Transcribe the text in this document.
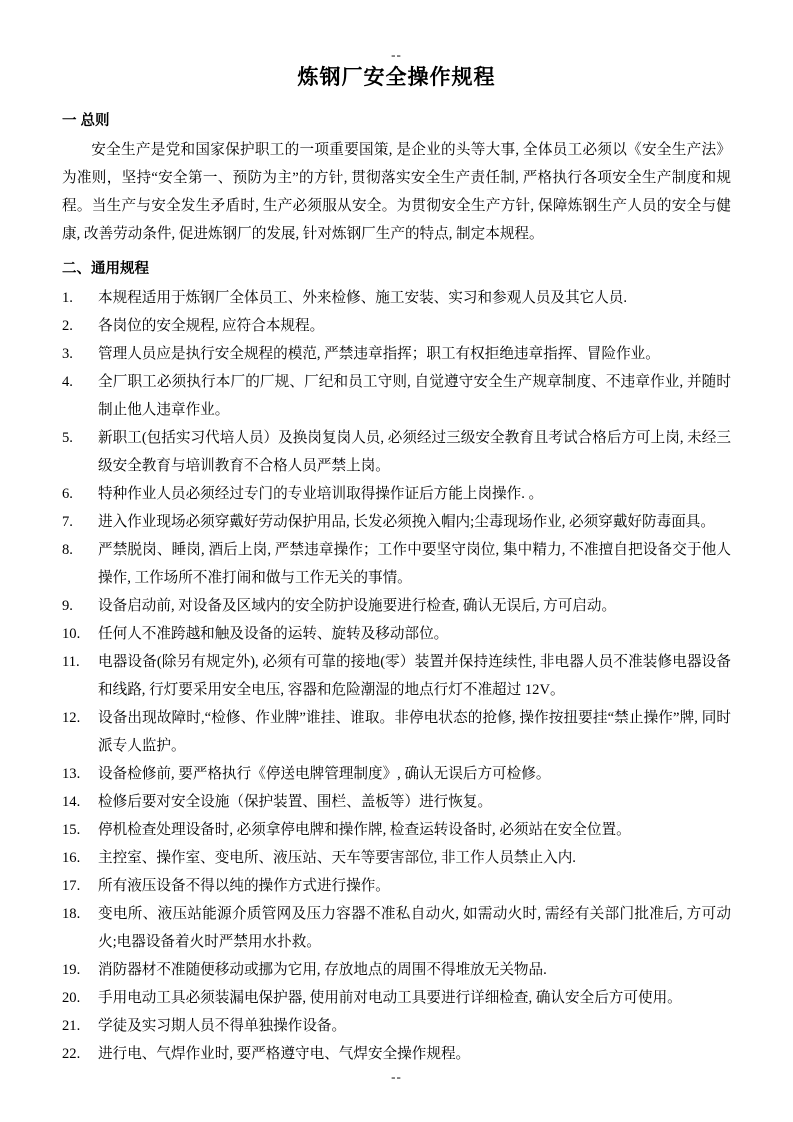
--
炼钢厂安全操作规程
一 总则

安全生产是党和国家保护职工的一项重要国策, 是企业的头等大事, 全体员工必须以《安全生产法》为准则，坚持“安全第一、预防为主”的方针, 贯彻落实安全生产责任制, 严格执行各项安全生产制度和规程。当生产与安全发生矛盾时, 生产必须服从安全。为贯彻安全生产方针, 保障炼钢生产人员的安全与健康, 改善劳动条件, 促进炼钢厂的发展, 针对炼钢厂生产的特点, 制定本规程。

二、通用规程
1.	本规程适用于炼钢厂全体员工、外来检修、施工安装、实习和参观人员及其它人员.
2.	各岗位的安全规程, 应符合本规程。
3.	管理人员应是执行安全规程的模范, 严禁违章指挥；职工有权拒绝违章指挥、冒险作业。
4.	全厂职工必须执行本厂的厂规、厂纪和员工守则, 自觉遵守安全生产规章制度、不违章作业, 并随时制止他人违章作业。
5.	新职工(包括实习代培人员）及换岗复岗人员, 必须经过三级安全教育且考试合格后方可上岗, 未经三级安全教育与培训教育不合格人员严禁上岗。
6.	特种作业人员必须经过专门的专业培训取得操作证后方能上岗操作. 。
7.	进入作业现场必须穿戴好劳动保护用品, 长发必须挽入帽内;尘毒现场作业, 必须穿戴好防毒面具。
8.	严禁脱岗、睡岗, 酒后上岗, 严禁违章操作；工作中要坚守岗位, 集中精力, 不准擅自把设备交于他人操作, 工作场所不准打闹和做与工作无关的事情。
9.	设备启动前, 对设备及区域内的安全防护设施要进行检查, 确认无误后, 方可启动。
10.	任何人不准跨越和触及设备的运转、旋转及移动部位。
11.	电器设备(除另有规定外), 必须有可靠的接地(零）装置并保持连续性, 非电器人员不准装修电器设备和线路, 行灯要采用安全电压, 容器和危险潮湿的地点行灯不准超过 12V。
12.	设备出现故障时,“检修、作业牌”谁挂、谁取。非停电状态的抢修, 操作按扭要挂“禁止操作”牌, 同时派专人监护。
13.	设备检修前, 要严格执行《停送电牌管理制度》, 确认无误后方可检修。
14.	检修后要对安全设施（保护装置、围栏、盖板等）进行恢复。
15.	停机检查处理设备时, 必须拿停电牌和操作牌, 检查运转设备时, 必须站在安全位置。
16.	主控室、操作室、变电所、液压站、天车等要害部位, 非工作人员禁止入内.
17.	所有液压设备不得以纯的操作方式进行操作。
18.	变电所、液压站能源介质管网及压力容器不准私自动火, 如需动火时, 需经有关部门批准后, 方可动火;电器设备着火时严禁用水扑救。
19.	消防器材不准随便移动或挪为它用, 存放地点的周围不得堆放无关物品.
20.	手用电动工具必须装漏电保护器, 使用前对电动工具要进行详细检查, 确认安全后方可使用。
21.	学徒及实习期人员不得单独操作设备。
22.	进行电、气焊作业时, 要严格遵守电、气焊安全操作规程。
--
